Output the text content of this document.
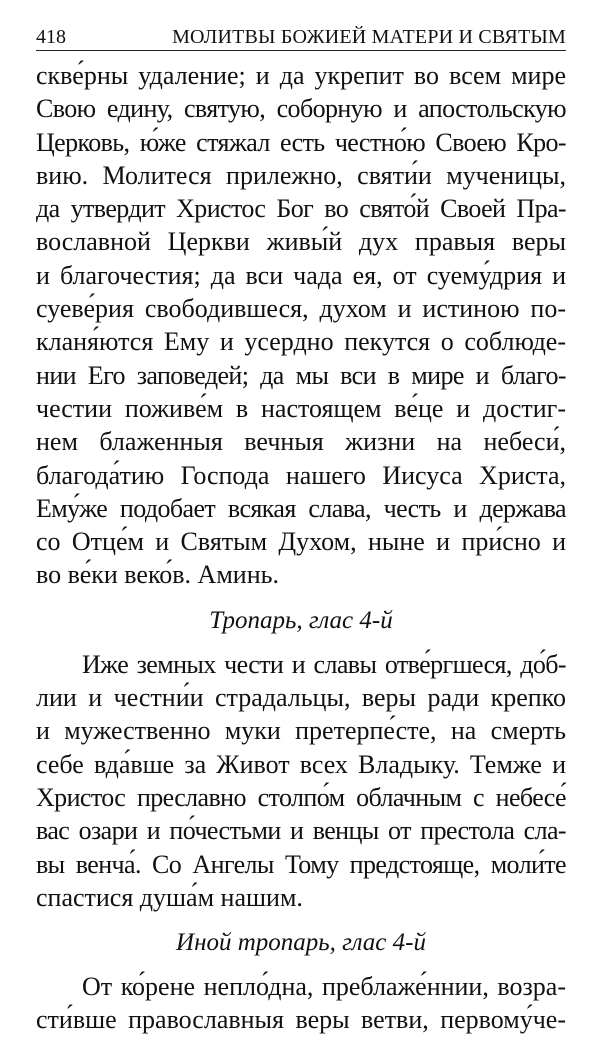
418	МОЛИТВЫ БОЖИЕЙ МАТЕРИ И СВЯТЫМ
скве́рны удаление; и да укрепит во всем мире
Свою едину, святую, соборную и апостольскую
Церковь, ю́же стяжал есть честно́ю Своею Кро-
вию. Молитеся прилежно, святи́и мученицы,
да утвердит Христос Бог во свято́й Своей Пра-
вославной Церкви живы́й дух правыя веры
и благочестия; да вси чада ея, от суему́дрия и
суеве́рия свободившеся, духом и истиною по-
кланя́ются Ему и усердно пекутся о соблюде-
нии Его заповедей; да мы вси в мире и благо-
честии поживе́м в настоящем ве́це и достиг-
нем блаженныя вечныя жизни на небеси́,
благода́тию Господа нашего Иисуса Христа,
Ему́же подобает всякая слава, честь и держава
со Отце́м и Святым Духом, ныне и при́сно и
во ве́ки веко́в. Аминь.
Тропарь, глас 4-й
Иже земных чести и славы отве́ргшеся, до́б-
лии и честни́и страдальцы, веры ради крепко
и мужественно муки претерпе́сте, на смерть
себе вда́вше за Живот всех Владыку. Темже и
Христос преславно столпо́м облачным с небесе́
вас озари и по́честьми и венцы от престола сла-
вы венча́. Со Ангелы Тому предстояще, моли́те
спастися душа́м нашим.
Иной тропарь, глас 4-й
От ко́рене непло́дна, преблаже́ннии, возра-
сти́вше православныя веры ветви, первому́че-
